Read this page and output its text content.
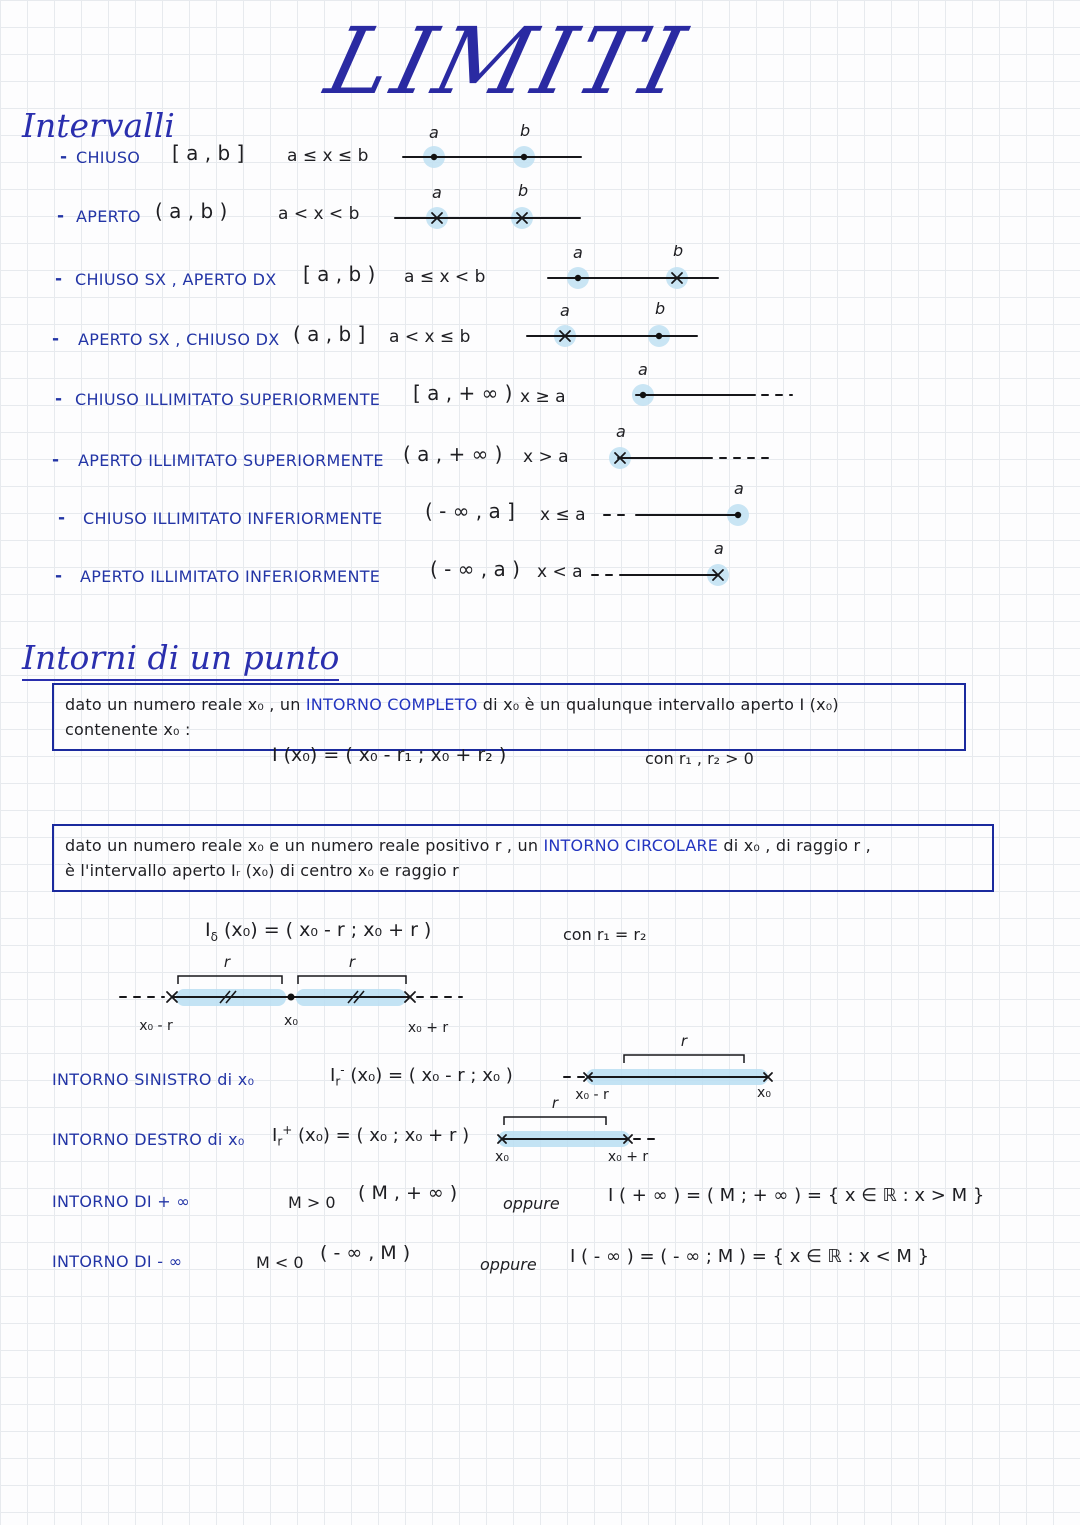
LIMITI
Intervalli
- CHIUSO [ a , b ]	a ≤ x ≤ b
a	b
- APERTO ( a , b )	a < x < b
a	b
- CHIUSO SX , APERTO DX [ a , b ) a ≤ x < b
a	b
- APERTO SX , CHIUSO DX ( a , b ] a < x ≤ b
a	b
- CHIUSO ILLIMITATO SUPERIORMENTE [ a , + ∞ ) x ≥ a
a
- APERTO ILLIMITATO SUPERIORMENTE ( a , + ∞ ) x > a
a
- CHIUSO ILLIMITATO INFERIORMENTE ( - ∞ , a ] x ≤ a
a
- APERTO ILLIMITATO INFERIORMENTE ( - ∞ , a ) x < a
a
Intorni di un punto
dato un numero reale x₀ , un INTORNO COMPLETO di x₀ è un qualunque intervallo aperto I (x₀)
contenente x₀ :
I (x₀) = ( x₀ - r₁ ; x₀ + r₂ )	con r₁ , r₂ > 0
dato un numero reale x₀ e un numero reale positivo r , un INTORNO CIRCOLARE di x₀ , di raggio r ,
è l'intervallo aperto Iᵣ (x₀) di centro x₀ e raggio r
$I_\delta$ (x₀) = ( x₀ - r ; x₀ + r )	con r₁ = r₂
r	r
x₀ - r	x₀	x₀ + r
INTORNO SINISTRO di x₀	$I_r^-$ (x₀) = ( x₀ - r ; x₀ )
r
x₀ - r	x₀
INTORNO DESTRO di x₀ $I_r^+$ (x₀) = ( x₀ ; x₀ + r )
r
x₀	x₀ + r
INTORNO DI + ∞	M > 0 ( M , + ∞ )	oppure	I ( + ∞ ) = ( M ; + ∞ ) = { x ∈ ℝ : x > M }
INTORNO DI - ∞	M < 0 ( - ∞ , M )
oppure I ( - ∞ ) = ( - ∞ ; M ) = { x ∈ ℝ : x < M }
